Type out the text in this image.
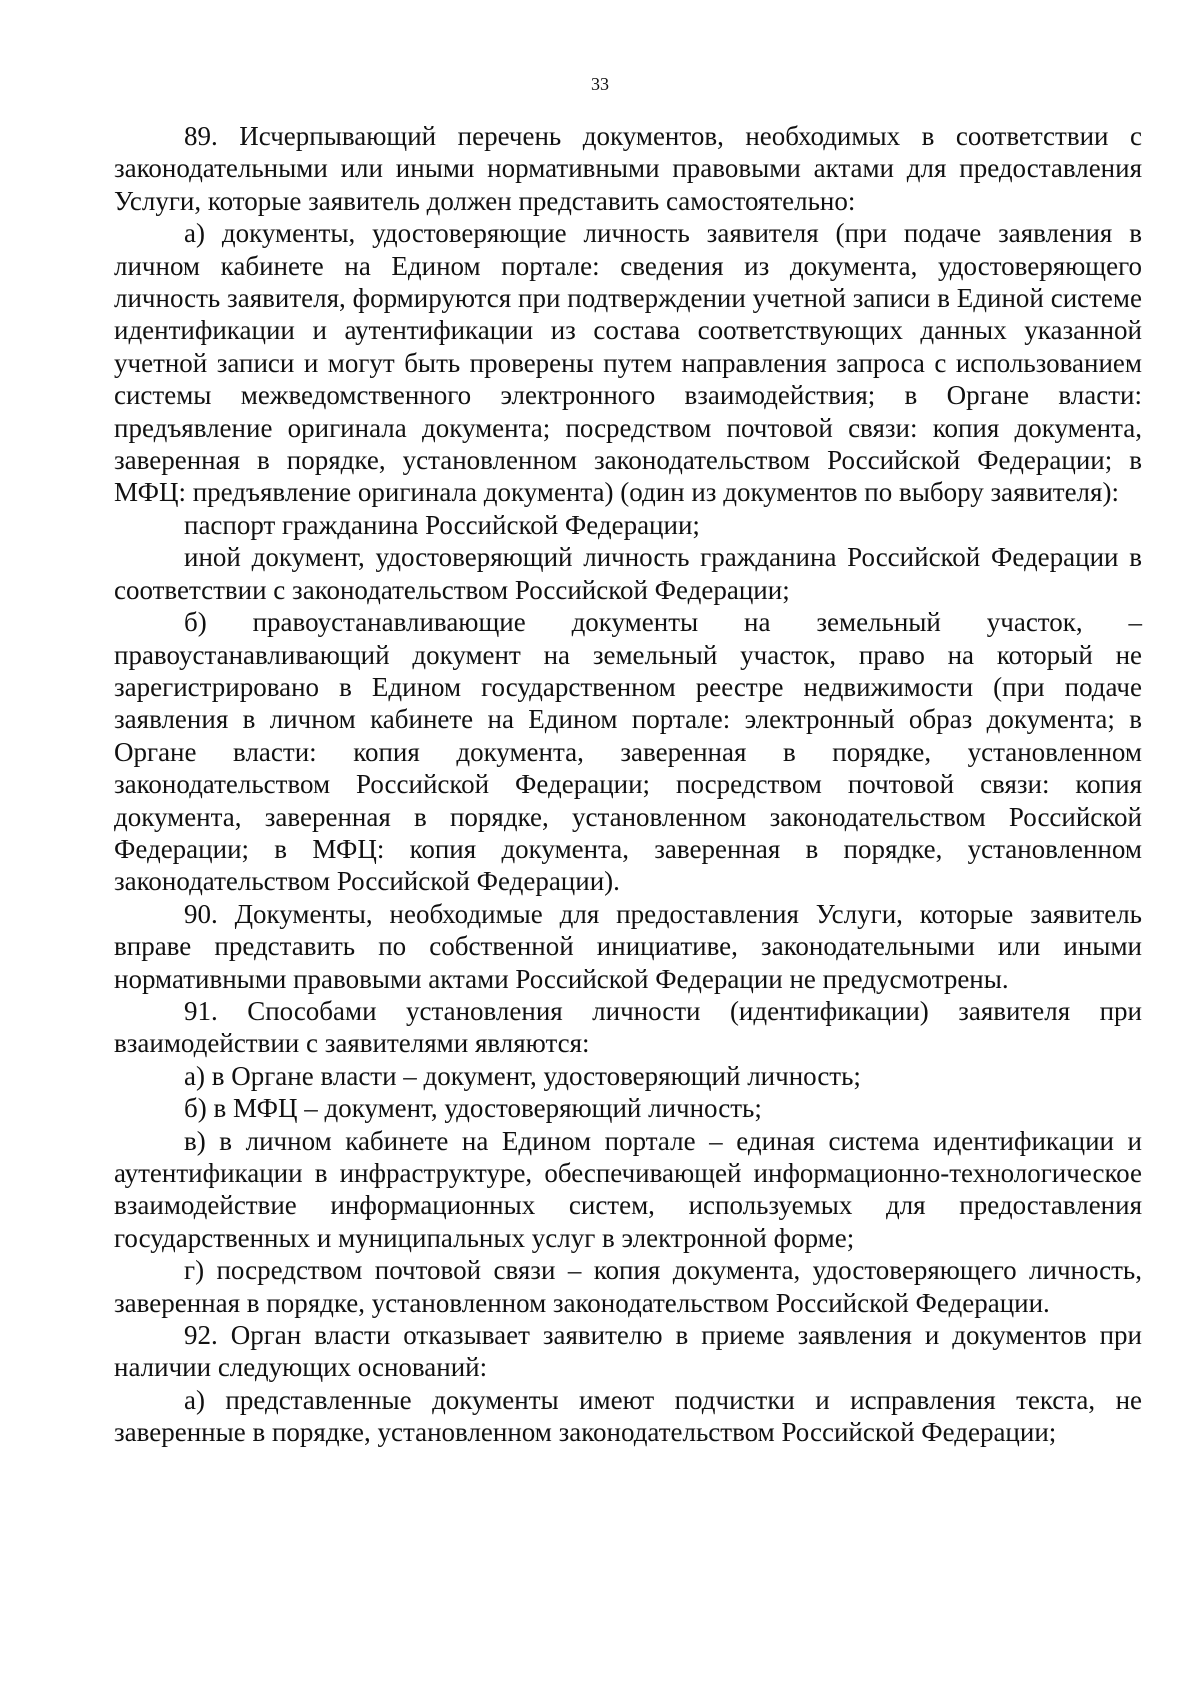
33

89. Исчерпывающий перечень документов, необходимых в соответствии с законодательными или иными нормативными правовыми актами для предоставления Услуги, которые заявитель должен представить самостоятельно:

а) документы, удостоверяющие личность заявителя (при подаче заявления в личном кабинете на Едином портале: сведения из документа, удостоверяющего личность заявителя, формируются при подтверждении учетной записи в Единой системе идентификации и аутентификации из состава соответствующих данных указанной учетной записи и могут быть проверены путем направления запроса с использованием системы межведомственного электронного взаимодействия; в Органе власти: предъявление оригинала документа; посредством почтовой связи: копия документа, заверенная в порядке, установленном законодательством Российской Федерации; в МФЦ: предъявление оригинала документа) (один из документов по выбору заявителя):

паспорт гражданина Российской Федерации;

иной документ, удостоверяющий личность гражданина Российской Федерации в соответствии с законодательством Российской Федерации;

б) правоустанавливающие документы на земельный участок, – правоустанавливающий документ на земельный участок, право на который не зарегистрировано в Едином государственном реестре недвижимости (при подаче заявления в личном кабинете на Едином портале: электронный образ документа; в Органе власти: копия документа, заверенная в порядке, установленном законодательством Российской Федерации; посредством почтовой связи: копия документа, заверенная в порядке, установленном законодательством Российской Федерации; в МФЦ: копия документа, заверенная в порядке, установленном законодательством Российской Федерации).

90. Документы, необходимые для предоставления Услуги, которые заявитель вправе представить по собственной инициативе, законодательными или иными нормативными правовыми актами Российской Федерации не предусмотрены.

91. Способами установления личности (идентификации) заявителя при взаимодействии с заявителями являются:

а) в Органе власти – документ, удостоверяющий личность;

б) в МФЦ – документ, удостоверяющий личность;

в) в личном кабинете на Едином портале – единая система идентификации и аутентификации в инфраструктуре, обеспечивающей информационно-технологическое взаимодействие информационных систем, используемых для предоставления государственных и муниципальных услуг в электронной форме;

г) посредством почтовой связи – копия документа, удостоверяющего личность, заверенная в порядке, установленном законодательством Российской Федерации.

92. Орган власти отказывает заявителю в приеме заявления и документов при наличии следующих оснований:

а) представленные документы имеют подчистки и исправления текста, не заверенные в порядке, установленном законодательством Российской Федерации;
